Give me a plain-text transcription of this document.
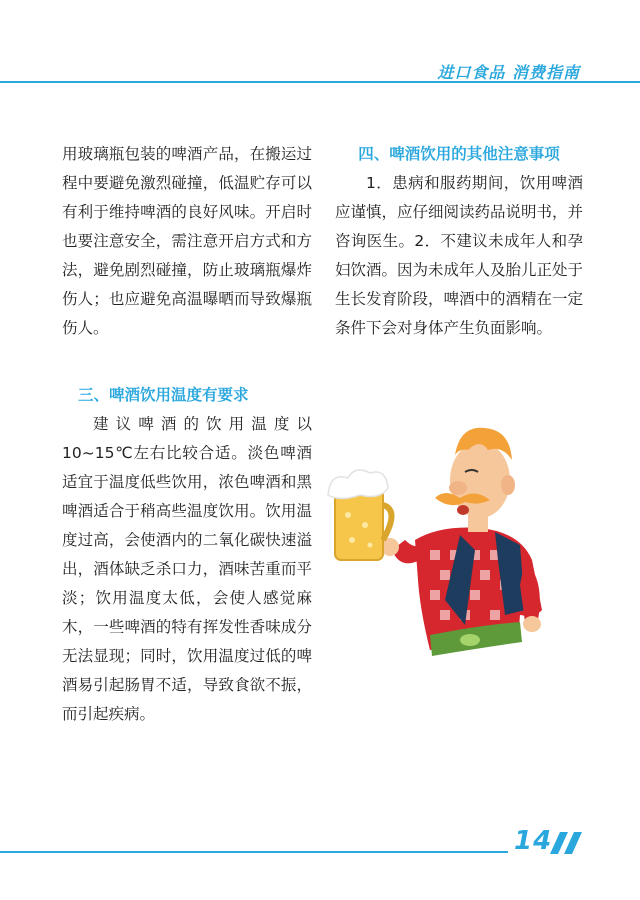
进口食品 消费指南

用玻璃瓶包装的啤酒产品，在搬运过程中要避免激烈碰撞，低温贮存可以有利于维持啤酒的良好风味。开启时也要注意安全，需注意开启方式和方法，避免剧烈碰撞，防止玻璃瓶爆炸伤人；也应避免高温曝晒而导致爆瓶伤人。

三、啤酒饮用温度有要求

建议啤酒的饮用温度以 10~15℃左右比较合适。淡色啤酒适宜于温度低些饮用，浓色啤酒和黑啤酒适合于稍高些温度饮用。饮用温度过高，会使酒内的二氧化碳快速溢出，酒体缺乏杀口力，酒味苦重而平淡；饮用温度太低，会使人感觉麻木，一些啤酒的特有挥发性香味成分无法显现；同时，饮用温度过低的啤酒易引起肠胃不适，导致食欲不振，而引起疾病。

四、啤酒饮用的其他注意事项

1．患病和服药期间，饮用啤酒应谨慎，应仔细阅读药品说明书，并咨询医生。2．不建议未成年人和孕妇饮酒。因为未成年人及胎儿正处于生长发育阶段，啤酒中的酒精在一定条件下会对身体产生负面影响。

14
